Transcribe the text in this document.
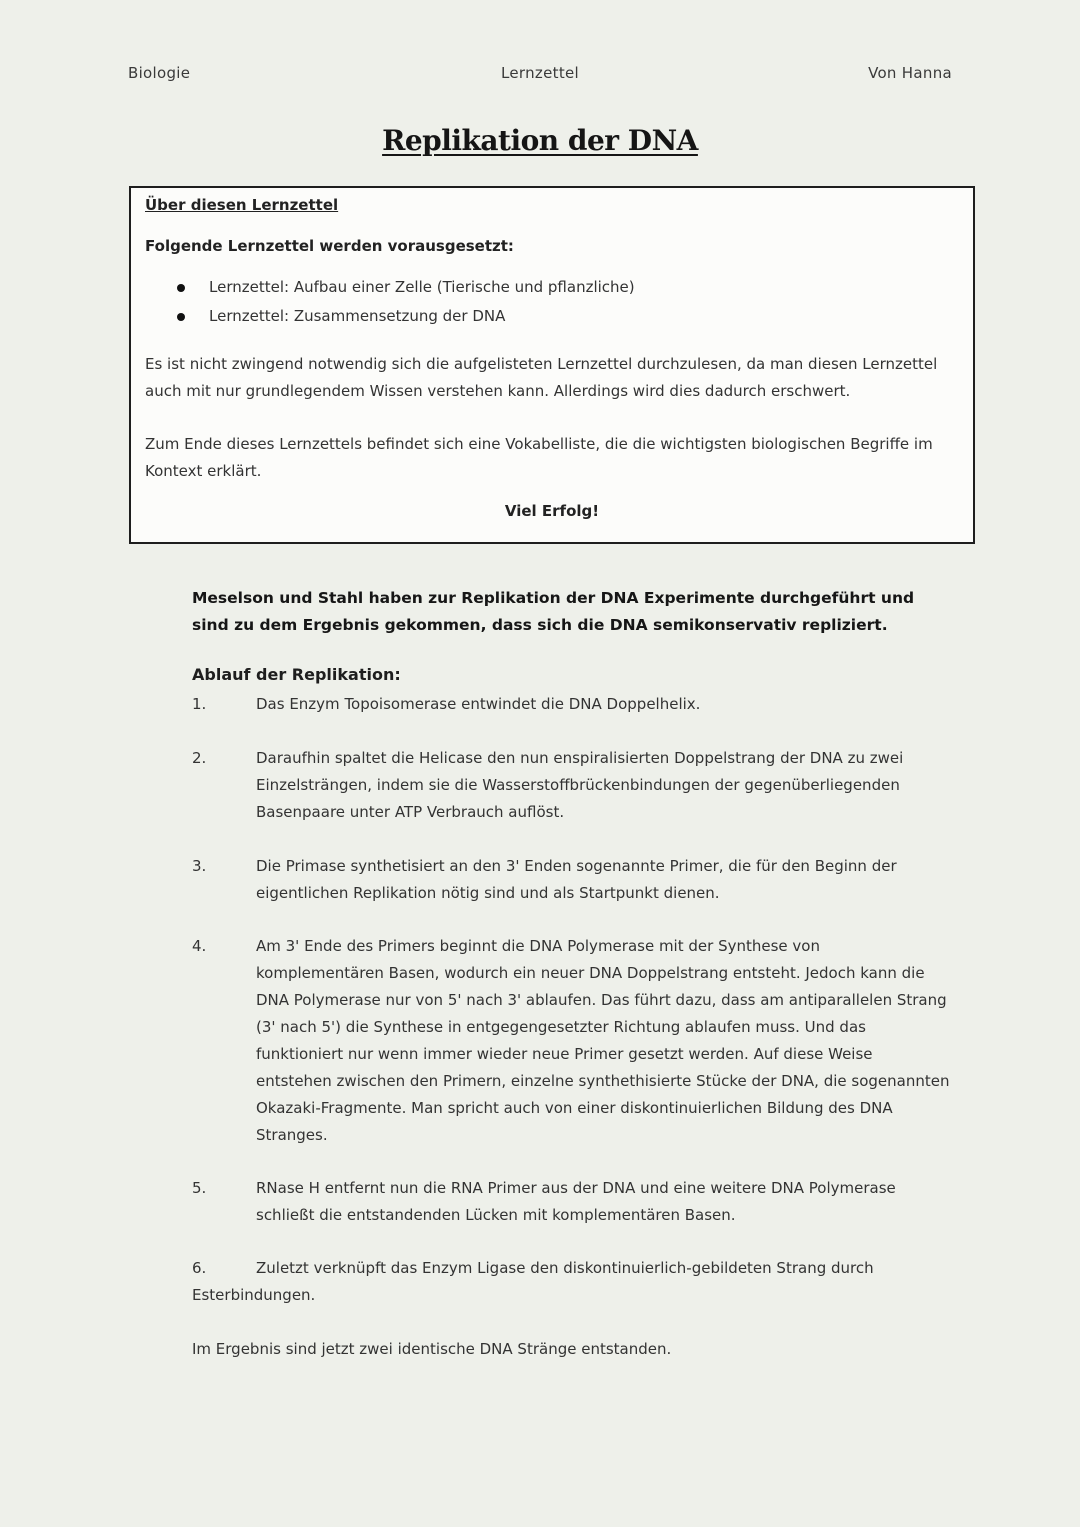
Biologie	Lernzettel	Von Hanna
Replikation der DNA
Über diesen Lernzettel
Folgende Lernzettel werden vorausgesetzt:
Lernzettel: Aufbau einer Zelle (Tierische und pflanzliche)
Lernzettel: Zusammensetzung der DNA
Es ist nicht zwingend notwendig sich die aufgelisteten Lernzettel durchzulesen, da man diesen Lernzettel auch mit nur grundlegendem Wissen verstehen kann. Allerdings wird dies dadurch erschwert.
Zum Ende dieses Lernzettels befindet sich eine Vokabelliste, die die wichtigsten biologischen Begriffe im Kontext erklärt.
Viel Erfolg!
Meselson und Stahl haben zur Replikation der DNA Experimente durchgeführt und sind zu dem Ergebnis gekommen, dass sich die DNA semikonservativ repliziert.
Ablauf der Replikation:
1.	Das Enzym Topoisomerase entwindet die DNA Doppelhelix.
2.	Daraufhin spaltet die Helicase den nun enspiralisierten Doppelstrang der DNA zu zwei Einzelsträngen, indem sie die Wasserstoffbrückenbindungen der gegenüberliegenden Basenpaare unter ATP Verbrauch auflöst.
3.	Die Primase synthetisiert an den 3' Enden sogenannte Primer, die für den Beginn der eigentlichen Replikation nötig sind und als Startpunkt dienen.
4.	Am 3' Ende des Primers beginnt die DNA Polymerase mit der Synthese von komplementären Basen, wodurch ein neuer DNA Doppelstrang entsteht. Jedoch kann die DNA Polymerase nur von 5' nach 3' ablaufen. Das führt dazu, dass am antiparallelen Strang (3' nach 5') die Synthese in entgegengesetzter Richtung ablaufen muss. Und das funktioniert nur wenn immer wieder neue Primer gesetzt werden. Auf diese Weise entstehen zwischen den Primern, einzelne synthethisierte Stücke der DNA, die sogenannten Okazaki-Fragmente. Man spricht auch von einer diskontinuierlichen Bildung des DNA Stranges.
5.	RNase H entfernt nun die RNA Primer aus der DNA und eine weitere DNA Polymerase schließt die entstandenden Lücken mit komplementären Basen.
6.	Zuletzt verknüpft das Enzym Ligase den diskontinuierlich-gebildeten Strang durch Esterbindungen.
Im Ergebnis sind jetzt zwei identische DNA Stränge entstanden.
